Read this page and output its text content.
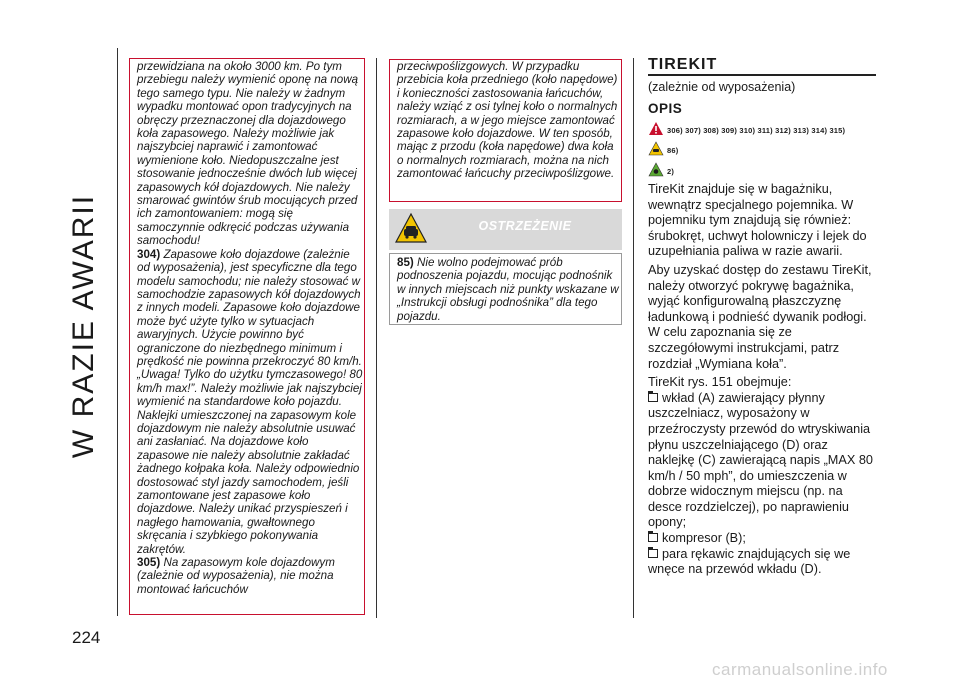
W RAZIE AWARII
224

przewidziana na około 3000 km. Po tym przebiegu należy wymienić oponę na nową tego samego typu. Nie należy w żadnym wypadku montować opon tradycyjnych na obręczy przeznaczonej dla dojazdowego koła zapasowego. Należy możliwie jak najszybciej naprawić i zamontować wymienione koło. Niedopuszczalne jest stosowanie jednocześnie dwóch lub więcej zapasowych kół dojazdowych. Nie należy smarować gwintów śrub mocujących przed ich zamontowaniem: mogą się samoczynnie odkręcić podczas używania samochodu!

304) Zapasowe koło dojazdowe (zależnie od wyposażenia), jest specyficzne dla tego modelu samochodu; nie należy stosować w samochodzie zapasowych kół dojazdowych z innych modeli. Zapasowe koło dojazdowe może być użyte tylko w sytuacjach awaryjnych. Użycie powinno być ograniczone do niezbędnego minimum i prędkość nie powinna przekroczyć 80 km/h. „Uwaga! Tylko do użytku tymczasowego! 80 km/h max!”. Należy możliwie jak najszybciej wymienić na standardowe koło pojazdu. Naklejki umieszczonej na zapasowym kole dojazdowym nie należy absolutnie usuwać ani zasłaniać. Na dojazdowe koło zapasowe nie należy absolutnie zakładać żadnego kołpaka koła. Należy odpowiednio dostosować styl jazdy samochodem, jeśli zamontowane jest zapasowe koło dojazdowe. Należy unikać przyspieszeń i nagłego hamowania, gwałtownego skręcania i szybkiego pokonywania zakrętów.

305) Na zapasowym kole dojazdowym (zależnie od wyposażenia), nie można montować łańcuchów

przeciwpoślizgowych. W przypadku przebicia koła przedniego (koło napędowe) i konieczności zastosowania łańcuchów, należy wziąć z osi tylnej koło o normalnych rozmiarach, a w jego miejsce zamontować zapasowe koło dojazdowe. W ten sposób, mając z przodu (koła napędowe) dwa koła o normalnych rozmiarach, można na nich zamontować łańcuchy przeciwpoślizgowe.
OSTRZEŻENIE
85) Nie wolno podejmować prób podnoszenia pojazdu, mocując podnośnik w innych miejscach niż punkty wskazane w „Instrukcji obsługi podnośnika” dla tego pojazdu.
TIREKIT
(zależnie od wyposażenia)
OPIS
306) 307) 308) 309) 310) 311) 312) 313) 314) 315)
86)
2)

TireKit znajduje się w bagażniku, wewnątrz specjalnego pojemnika. W pojemniku tym znajdują się również: śrubokręt, uchwyt holowniczy i lejek do uzupełniania paliwa w razie awarii.

Aby uzyskać dostęp do zestawu TireKit, należy otworzyć pokrywę bagażnika, wyjąć konfigurowalną płaszczyznę ładunkową i podnieść dywanik podłogi. W celu zapoznania się ze szczegółowymi instrukcjami, patrz rozdział „Wymiana koła”.

TireKit rys. 151 obejmuje:

wkład (A) zawierający płynny uszczelniacz, wyposażony w przeźroczysty przewód do wtryskiwania płynu uszczelniającego (D) oraz naklejkę (C) zawierającą napis „MAX 80 km/h / 50 mph”, do umieszczenia w dobrze widocznym miejscu (np. na desce rozdzielczej), po naprawieniu opony;
kompresor (B);
para rękawic znajdujących się we wnęce na przewód wkładu (D).
carmanualsonline.info
